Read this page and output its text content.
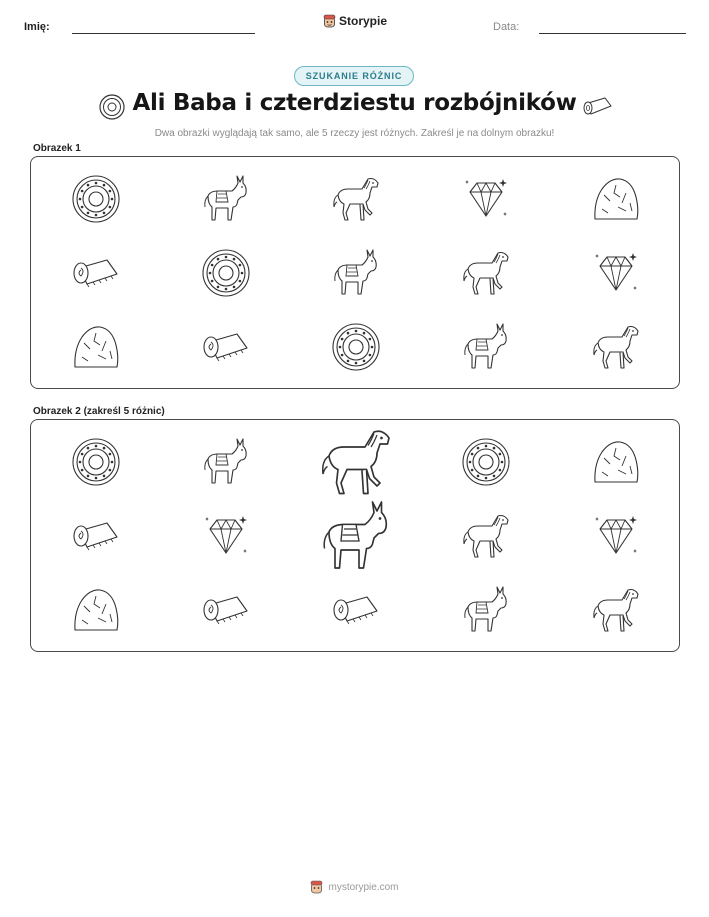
Imię:	Storypie	Data:
SZUKANIE RÓŻNIC
Ali Baba i czterdziestu rozbójników
Dwa obrazki wyglądają tak samo, ale 5 rzeczy jest różnych. Zakreśl je na dolnym obrazku!
Obrazek 1
Obrazek 2 (zakreśl 5 różnic)
mystorypie.com
